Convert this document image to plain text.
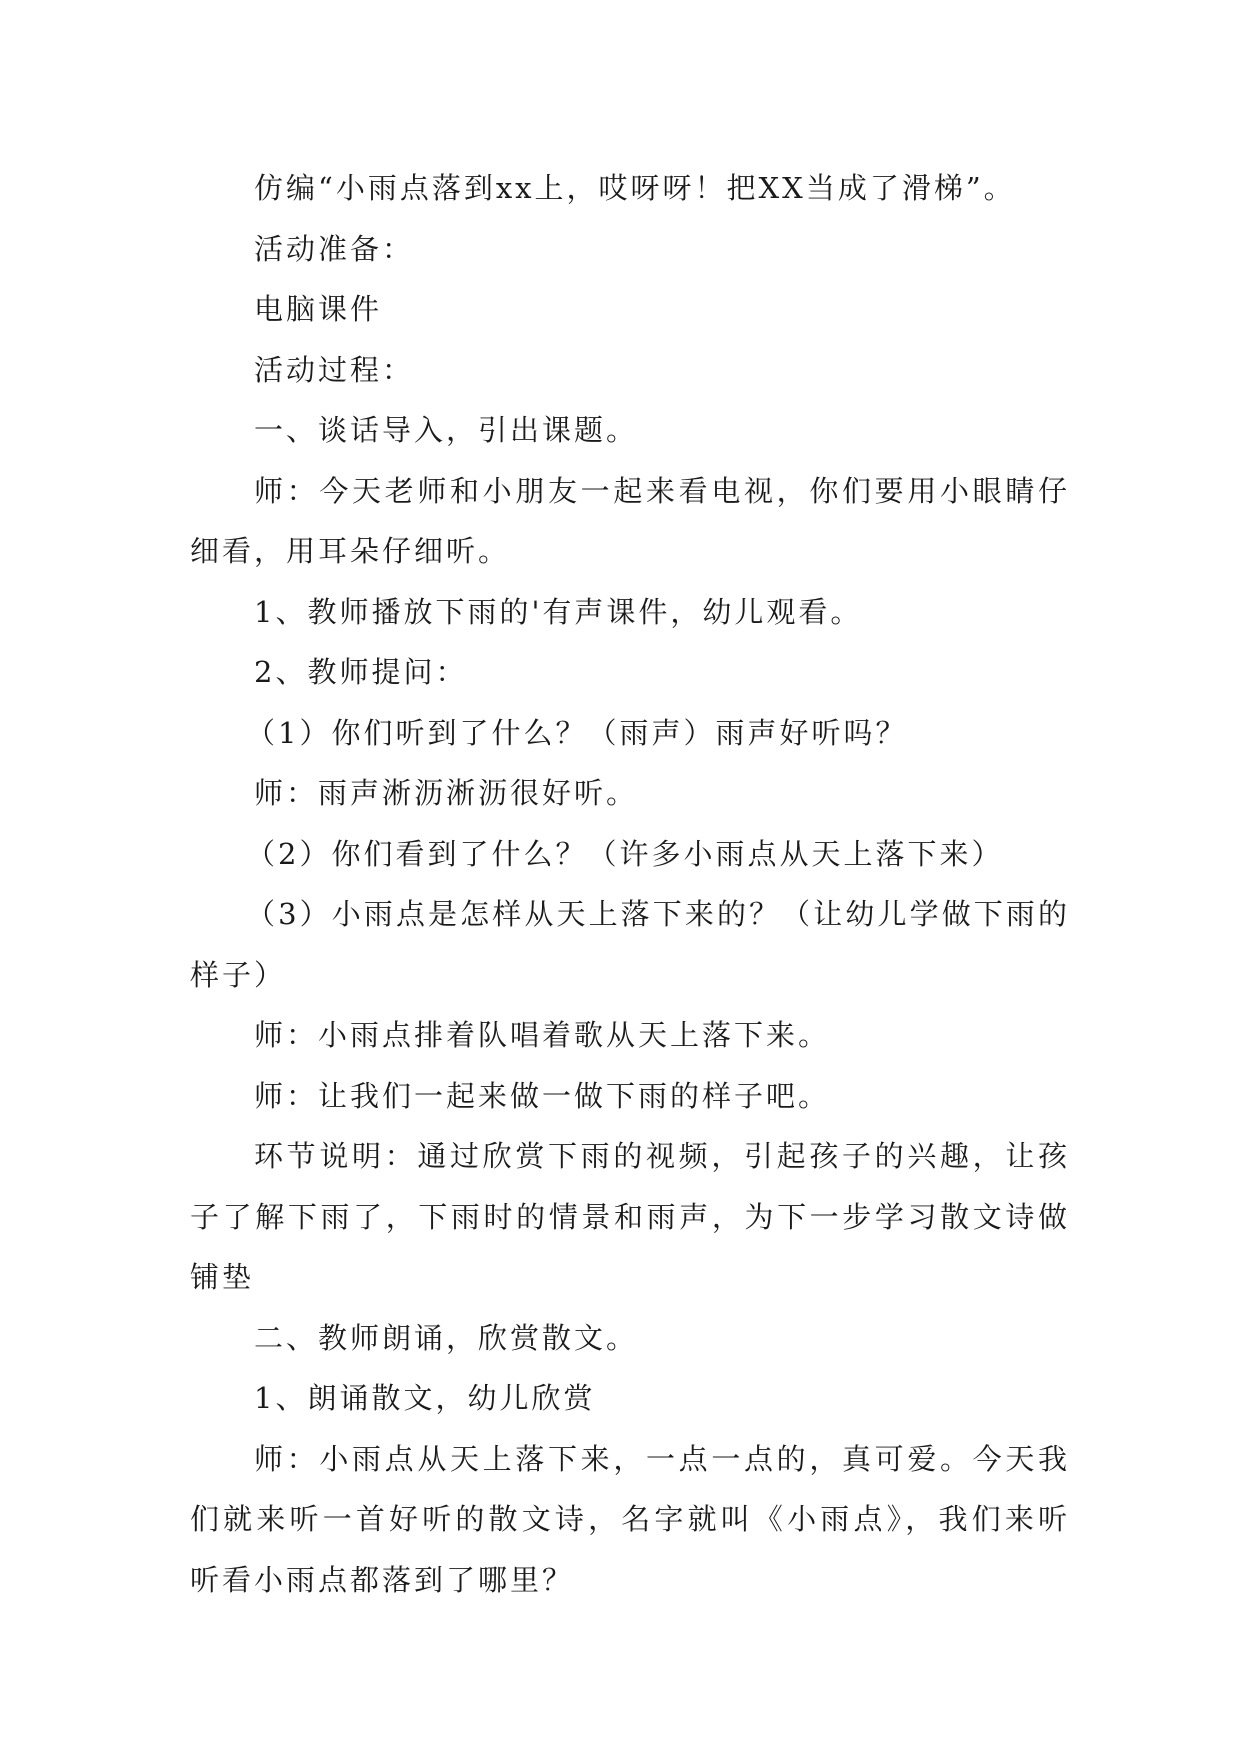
仿编“小雨点落到xx上，哎呀呀！把XX当成了滑梯”。

活动准备：

电脑课件

活动过程：

一、谈话导入，引出课题。

师：今天老师和小朋友一起来看电视，你们要用小眼睛仔细看，用耳朵仔细听。

1、教师播放下雨的'有声课件，幼儿观看。

2、教师提问：

（1）你们听到了什么？（雨声）雨声好听吗？

师：雨声淅沥淅沥很好听。

（2）你们看到了什么？（许多小雨点从天上落下来）

（3）小雨点是怎样从天上落下来的？（让幼儿学做下雨的样子）

师：小雨点排着队唱着歌从天上落下来。

师：让我们一起来做一做下雨的样子吧。

环节说明：通过欣赏下雨的视频，引起孩子的兴趣，让孩子了解下雨了，下雨时的情景和雨声，为下一步学习散文诗做铺垫

二、教师朗诵，欣赏散文。

1、朗诵散文，幼儿欣赏

师：小雨点从天上落下来，一点一点的，真可爱。今天我们就来听一首好听的散文诗，名字就叫《小雨点》，我们来听听看小雨点都落到了哪里？
